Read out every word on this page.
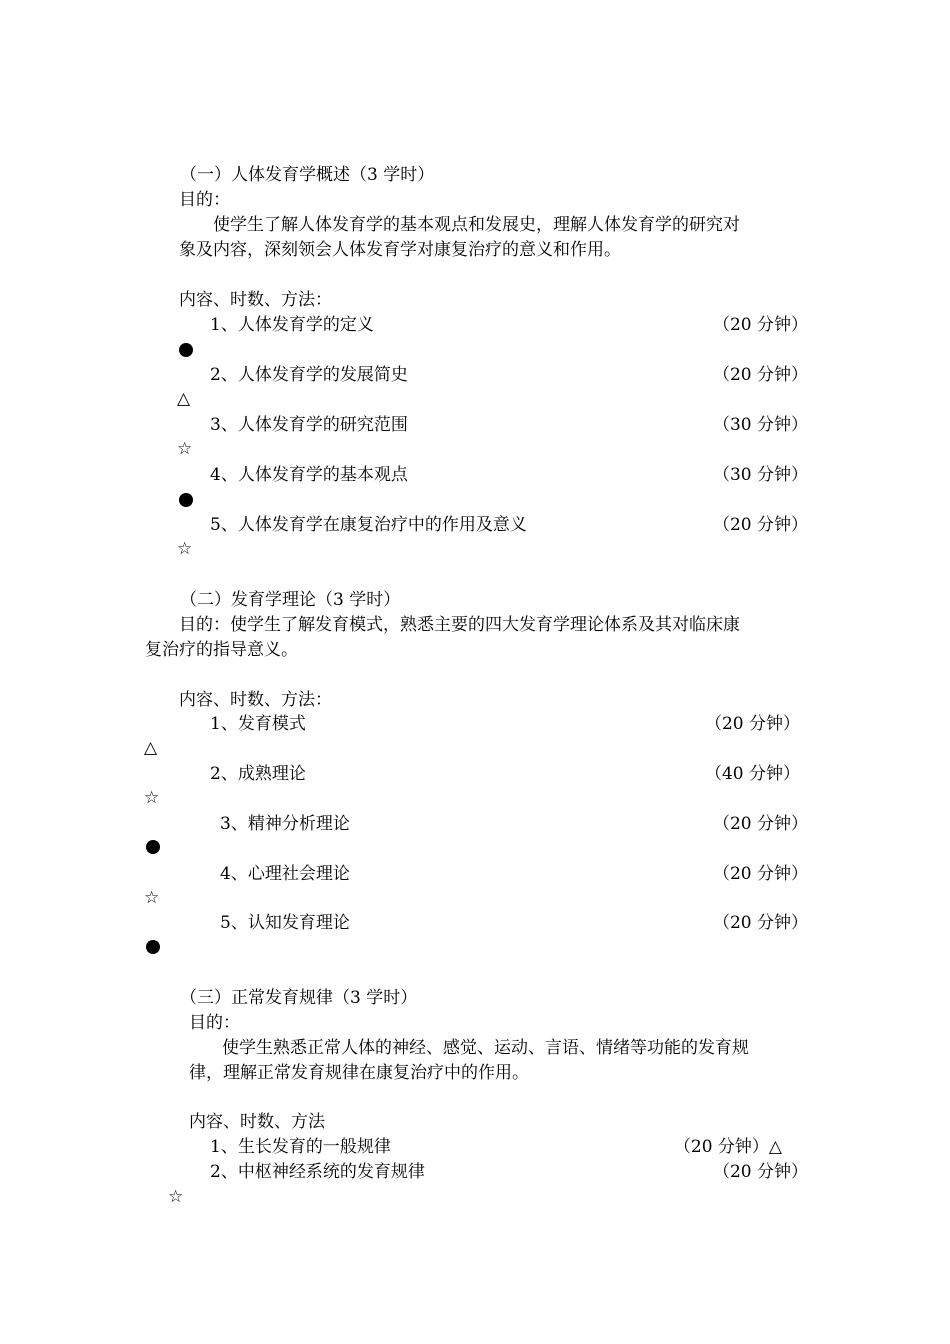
（一）人体发育学概述（3 学时）
目的：
使学生了解人体发育学的基本观点和发展史，理解人体发育学的研究对
象及内容，深刻领会人体发育学对康复治疗的意义和作用。
内容、时数、方法：
1、人体发育学的定义	（20 分钟）
2、人体发育学的发展简史	（20 分钟）
△
3、人体发育学的研究范围	（30 分钟）
☆
4、人体发育学的基本观点	（30 分钟）
5、人体发育学在康复治疗中的作用及意义	（20 分钟）
☆
（二）发育学理论（3 学时）
目的：使学生了解发育模式，熟悉主要的四大发育学理论体系及其对临床康
复治疗的指导意义。
内容、时数、方法：
1、发育模式	（20 分钟）
△
2、成熟理论	（40 分钟）
☆
3、精神分析理论	（20 分钟）
4、心理社会理论	（20 分钟）
☆
5、认知发育理论	（20 分钟）
（三）正常发育规律（3 学时）
目的：
使学生熟悉正常人体的神经、感觉、运动、言语、情绪等功能的发育规
律，理解正常发育规律在康复治疗中的作用。
内容、时数、方法
1、生长发育的一般规律	（20 分钟）△
2、中枢神经系统的发育规律	（20 分钟）
☆
